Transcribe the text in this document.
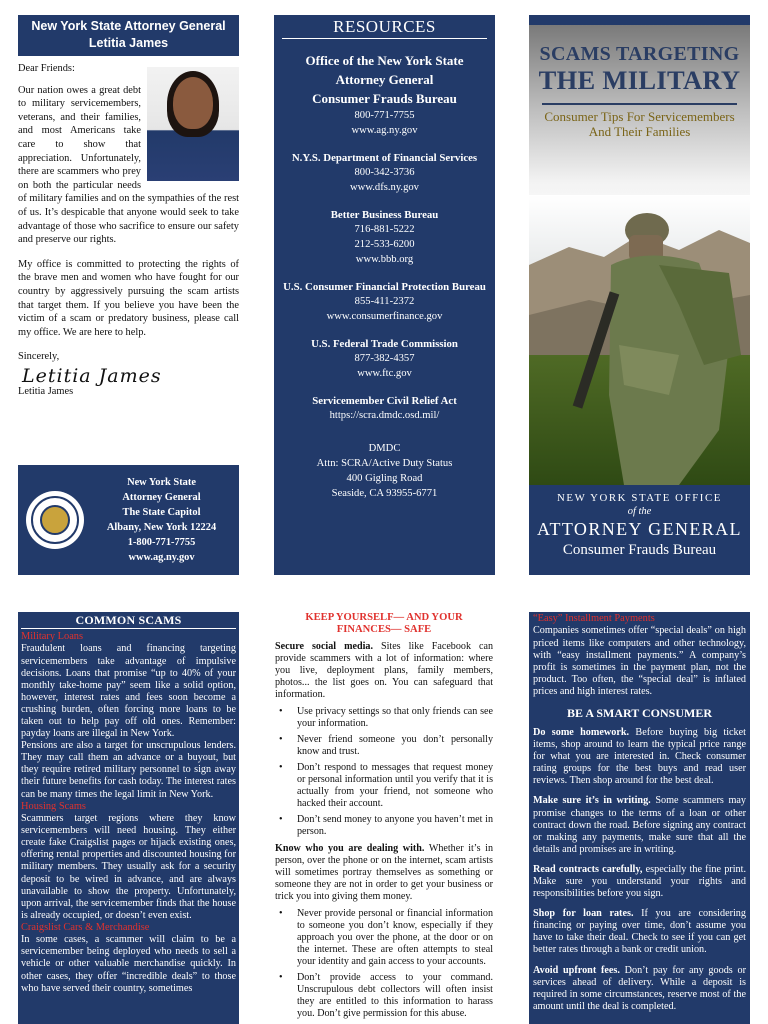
New York State Attorney General
Letitia James

Dear Friends:

Our nation owes a great debt to military servicemembers, veterans, and their families, and most Americans take care to show that appreciation. Unfortunately, there are scammers who prey on both the particular needs of military families and on the sympathies of the rest of us. It’s despicable that anyone would seek to take advantage of those who sacrifice to ensure our safety and preserve our rights.

My office is committed to protecting the rights of the brave men and women who have fought for our country by aggressively pursuing the scam artists that target them. If you believe you have been the victim of a scam or predatory business, please call my office. We are here to help.

Sincerely,

Letitia James

Letitia James

New York State
Attorney General
The State Capitol
Albany, New York 12224
1-800-771-7755
www.ag.ny.gov
RESOURCES
Office of the New York State
Attorney General
Consumer Frauds Bureau
800-771-7755
www.ag.ny.gov
N.Y.S. Department of Financial Services
800-342-3736
www.dfs.ny.gov
Better Business Bureau
716-881-5222
212-533-6200
www.bbb.org
U.S. Consumer Financial Protection Bureau
855-411-2372
www.consumerfinance.gov
U.S. Federal Trade Commission
877-382-4357
www.ftc.gov
Servicemember Civil Relief Act
https://scra.dmdc.osd.mil/
DMDC
Attn: SCRA/Active Duty Status
400 Gigling Road
Seaside, CA 93955-6771
SCAMS TARGETING
THE MILITARY
Consumer Tips For Servicemembers
And Their Families
NEW YORK STATE OFFICE
of the
ATTORNEY GENERAL
Consumer Frauds Bureau
COMMON SCAMS
Military Loans

Fraudulent loans and financing targeting servicemembers take advantage of impulsive decisions. Loans that promise “up to 40% of your monthly take-home pay” seem like a solid option, however, interest rates and fees soon become a crushing burden, often forcing more loans to be taken out to help pay off old ones. Remember: payday loans are illegal in New York.

Pensions are also a target for unscrupulous lenders. They may call them an advance or a buyout, but they require retired military personnel to sign away their future benefits for cash today. The interest rates can be many times the legal limit in New York.

Housing Scams

Scammers target regions where they know servicemembers will need housing. They either create fake Craigslist pages or hijack existing ones, offering rental properties and discounted housing for military members. They usually ask for a security deposit to be wired in advance, and are always unavailable to show the property. Unfortunately, upon arrival, the servicemember finds that the house is already occupied, or doesn’t even exist.

Craigslist Cars & Merchandise

In some cases, a scammer will claim to be a servicemember being deployed who needs to sell a vehicle or other valuable merchandise quickly. In other cases, they offer “incredible deals” to those who have served their country, sometimes

KEEP YOURSELF— AND YOUR
FINANCES— SAFE

Secure social media. Sites like Facebook can provide scammers with a lot of information: where you live, deployment plans, family members, photos... the list goes on. You can safeguard that information.

• Use privacy settings so that only friends can see your information.
• Never friend someone you don’t personally know and trust.
• Don’t respond to messages that request money or personal information until you verify that it is actually from your friend, not someone who hacked their account.
• Don’t send money to anyone you haven’t met in person.

Know who you are dealing with. Whether it’s in person, over the phone or on the internet, scam artists will sometimes portray themselves as something or someone they are not in order to get your business or trick you into giving them money.

• Never provide personal or financial information to someone you don’t know, especially if they approach you over the phone, at the door or on the internet. These are often attempts to steal your identity and gain access to your accounts.
• Don’t provide access to your command. Unscrupulous debt collectors will often insist they are entitled to this information to harass you. Don’t give permission for this abuse.
“Easy” Installment Payments

Companies sometimes offer “special deals” on high priced items like computers and other technology, with “easy installment payments.” A company’s profit is sometimes in the payment plan, not the product. Too often, the “special deal” is inflated prices and high interest rates.

BE A SMART CONSUMER

Do some homework. Before buying big ticket items, shop around to learn the typical price range for what you are interested in. Check consumer rating groups for the best buys and read user reviews. Then shop around for the best deal.

Make sure it’s in writing. Some scammers may promise changes to the terms of a loan or other contract down the road. Before signing any contract or making any payments, make sure that all the details and promises are in writing.

Read contracts carefully, especially the fine print. Make sure you understand your rights and responsibilities before you sign.

Shop for loan rates. If you are considering financing or paying over time, don’t assume you have to take their deal. Check to see if you can get better rates through a bank or credit union.

Avoid upfront fees. Don’t pay for any goods or services ahead of delivery. While a deposit is required in some circumstances, reserve most of the amount until the deal is completed.
